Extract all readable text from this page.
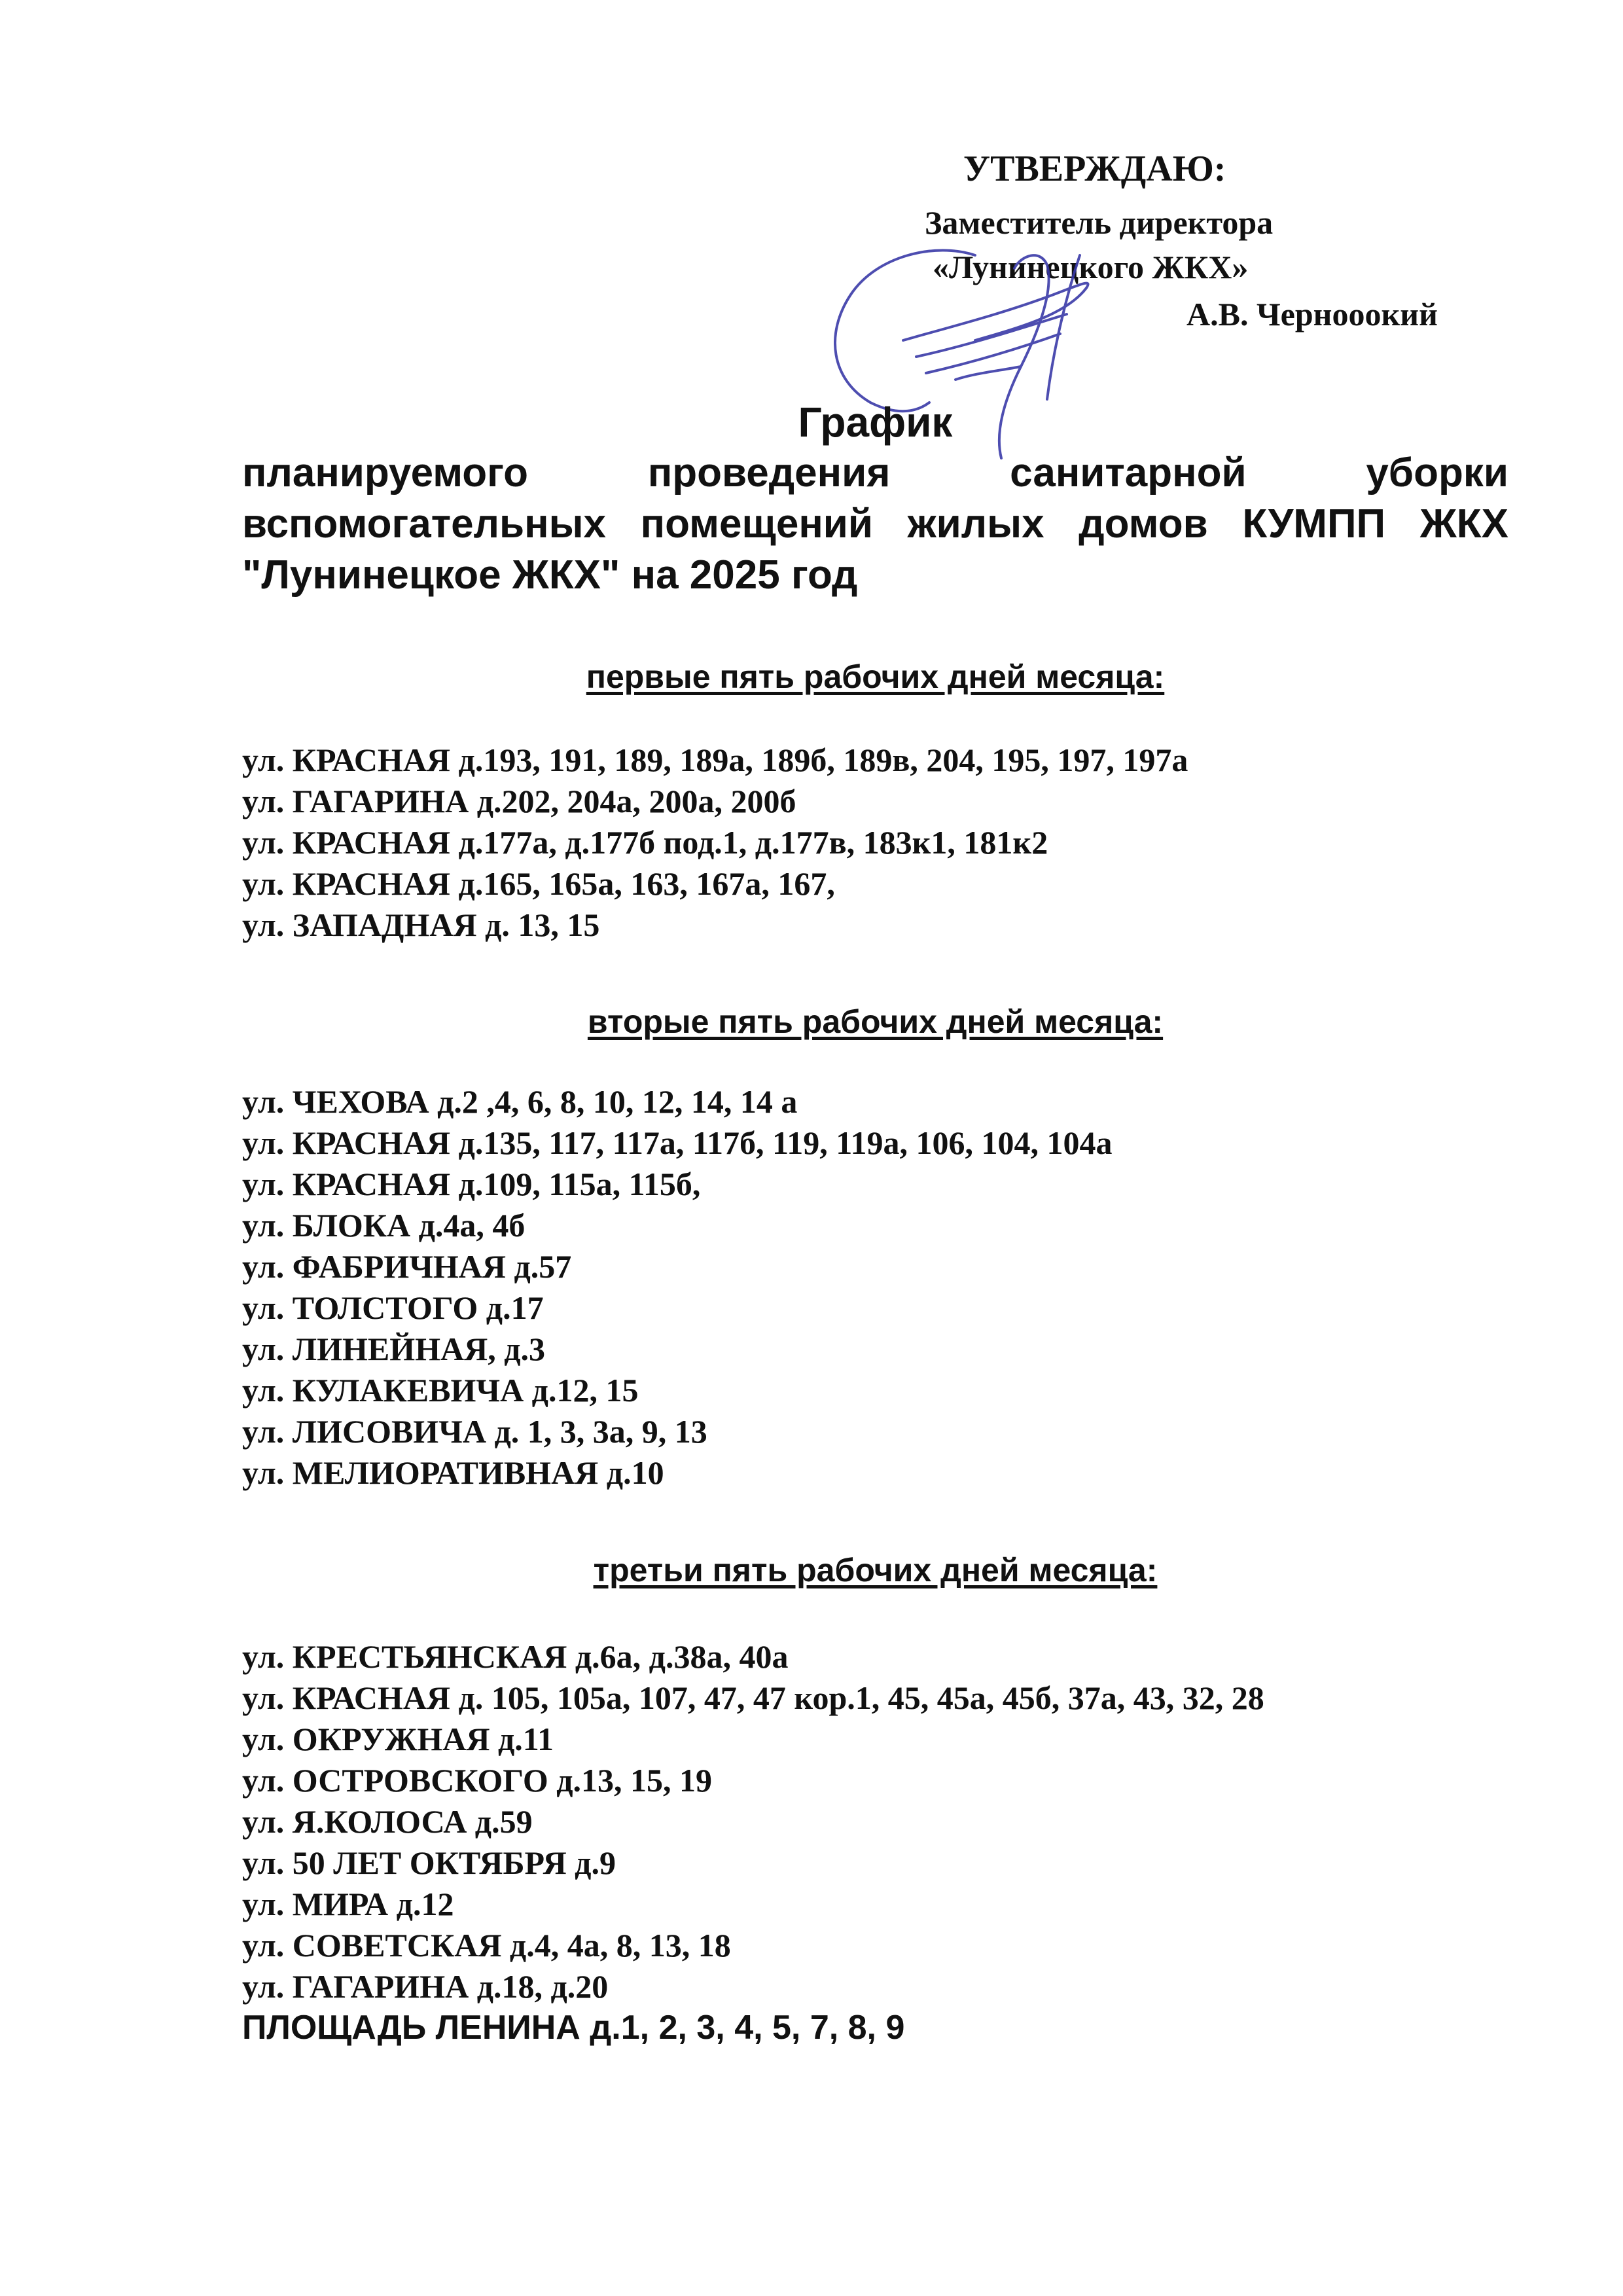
УТВЕРЖДАЮ:
Заместитель директора
«Лунинецкого ЖКХ»
А.В. Чернооокий
График
планируемого проведения санитарной уборки вспомогательных помещений жилых домов КУМПП ЖКХ "Лунинецкое ЖКХ" на 2025 год
первые пять рабочих дней месяца:
ул. КРАСНАЯ д.193, 191, 189, 189а, 189б, 189в, 204, 195, 197, 197а
ул. ГАГАРИНА д.202, 204а, 200а, 200б
ул. КРАСНАЯ д.177а, д.177б под.1, д.177в, 183к1, 181к2
ул. КРАСНАЯ д.165, 165а, 163, 167а, 167,
ул. ЗАПАДНАЯ д. 13, 15
вторые пять рабочих дней месяца:
ул. ЧЕХОВА д.2 ,4, 6, 8, 10, 12, 14, 14 а
ул. КРАСНАЯ д.135, 117, 117а, 117б, 119, 119а, 106, 104, 104а
ул. КРАСНАЯ д.109, 115а, 115б,
ул. БЛОКА д.4а, 4б
ул. ФАБРИЧНАЯ д.57
ул. ТОЛСТОГО д.17
ул. ЛИНЕЙНАЯ, д.3
ул. КУЛАКЕВИЧА д.12, 15
ул. ЛИСОВИЧА д. 1, 3, 3а, 9, 13
ул. МЕЛИОРАТИВНАЯ д.10
третьи пять рабочих дней месяца:
ул. КРЕСТЬЯНСКАЯ д.6а, д.38а, 40а
ул. КРАСНАЯ д. 105, 105а, 107, 47, 47 кор.1, 45, 45а, 45б, 37а, 43, 32, 28
ул. ОКРУЖНАЯ д.11
ул. ОСТРОВСКОГО д.13, 15, 19
ул. Я.КОЛОСА д.59
ул. 50 ЛЕТ ОКТЯБРЯ д.9
ул. МИРА д.12
ул. СОВЕТСКАЯ д.4, 4а, 8, 13, 18
ул. ГАГАРИНА д.18, д.20
ПЛОЩАДЬ ЛЕНИНА д.1, 2, 3, 4, 5, 7, 8, 9
